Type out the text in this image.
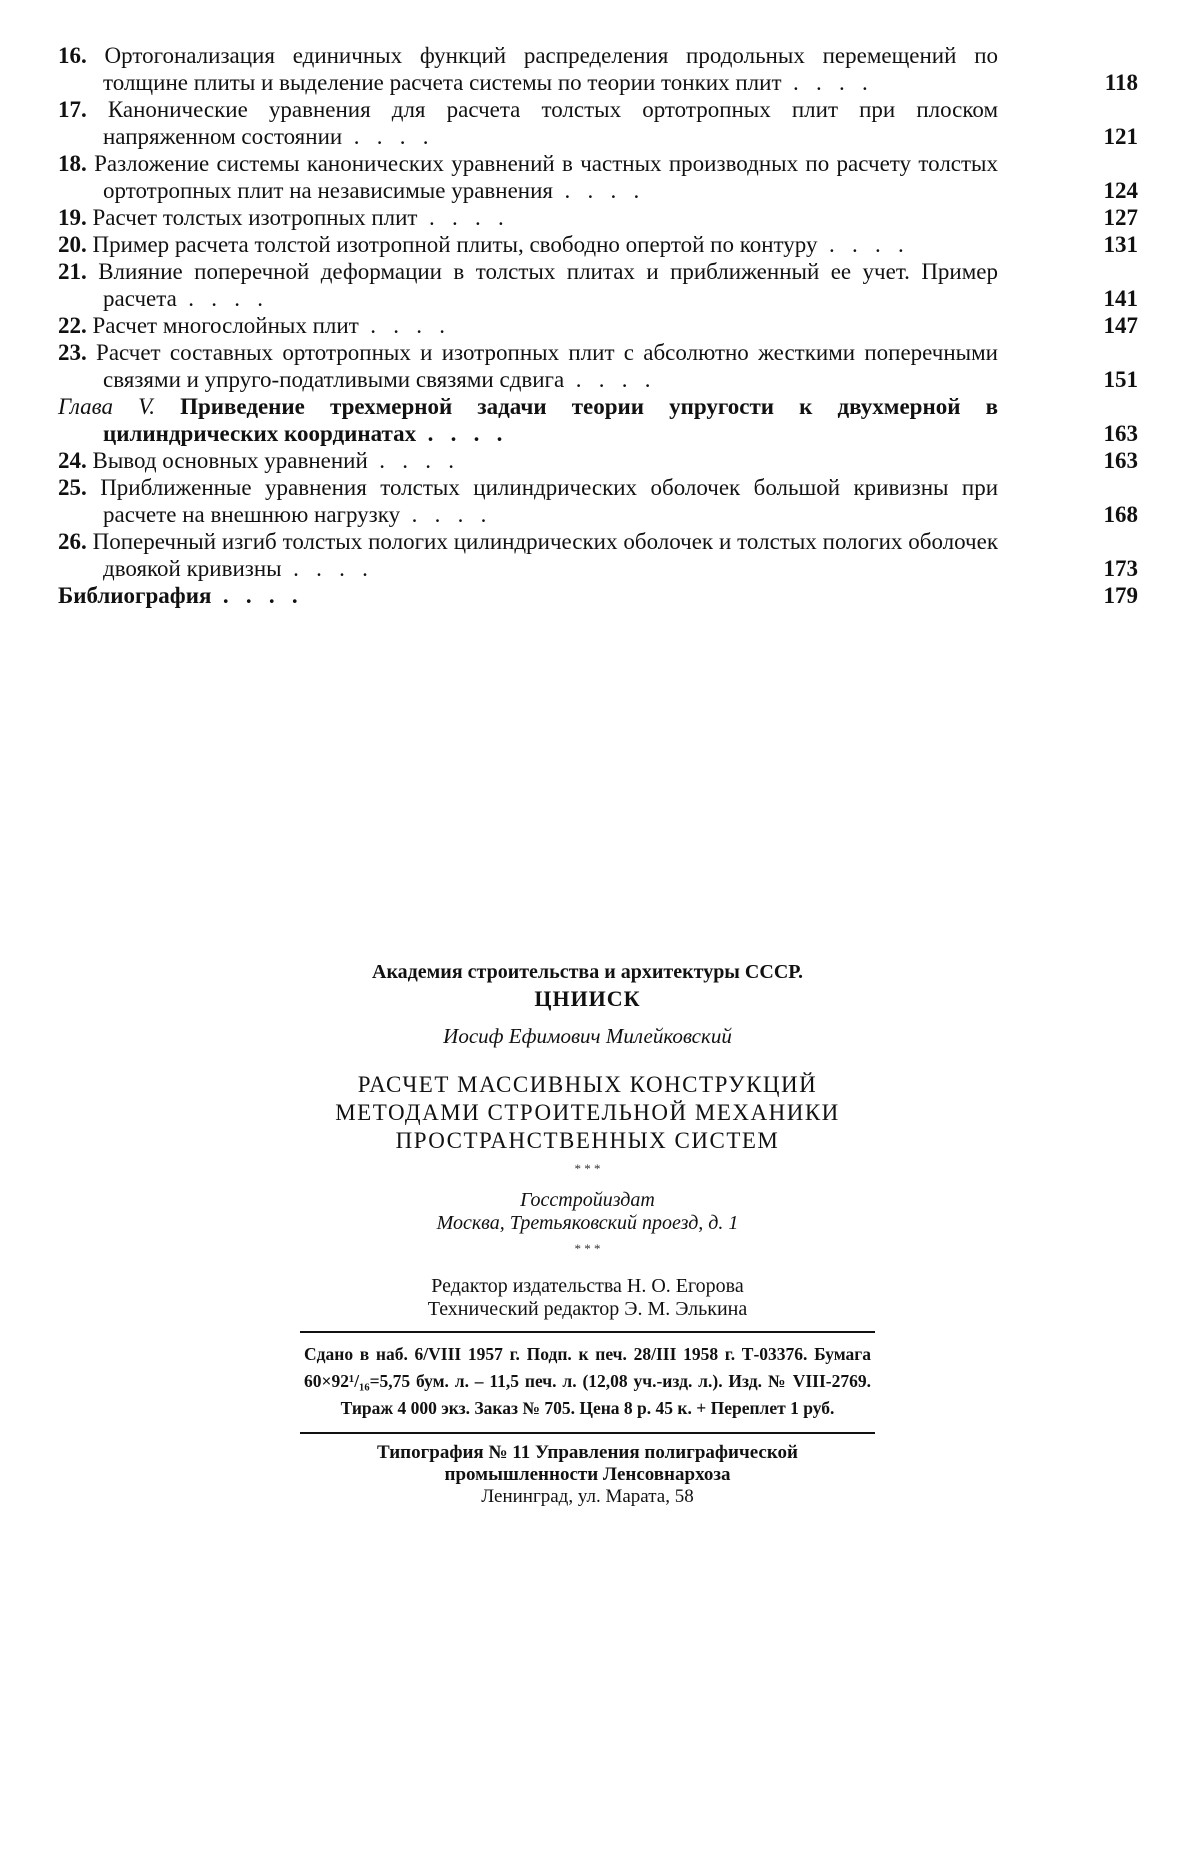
16. Ортогонализация единичных функций распределения продольных перемещений по толщине плиты и выделение расчета системы по теории тонких плит  .   .   .   .	118
17. Канонические уравнения для расчета толстых ортотропных плит при плоском напряженном состоянии  .   .   .   .	121
18. Разложение системы канонических уравнений в частных производных по расчету толстых ортотропных плит на независимые уравнения  .   .   .   .	124
19. Расчет толстых изотропных плит  .   .   .   .	127
20. Пример расчета толстой изотропной плиты, свободно опертой по контуру  .   .   .   .	131
21. Влияние поперечной деформации в толстых плитах и приближенный ее учет. Пример расчета  .   .   .   .	141
22. Расчет многослойных плит  .   .   .   .	147
23. Расчет составных ортотропных и изотропных плит с абсолютно жесткими поперечными связями и упруго-податливыми связями сдвига  .   .   .   .	151
Глава V. Приведение трехмерной задачи теории упругости к двухмерной в цилиндрических координатах  .   .   .   .	163
24. Вывод основных уравнений  .   .   .   .	163
25. Приближенные уравнения толстых цилиндрических оболочек большой кривизны при расчете на внешнюю нагрузку  .   .   .   .	168
26. Поперечный изгиб толстых пологих цилиндрических оболочек и толстых пологих оболочек двоякой кривизны  .   .   .   .	173
Библиография  .   .   .   .	179
Академия строительства и архитектуры СССР.
ЦНИИСК
Иосиф Ефимович Милейковский
РАСЧЕТ МАССИВНЫХ КОНСТРУКЦИЙ
МЕТОДАМИ СТРОИТЕЛЬНОЙ МЕХАНИКИ
ПРОСТРАНСТВЕННЫХ СИСТЕМ
* * *
Госстройиздат
Москва, Третьяковский проезд, д. 1
* * *
Редактор издательства Н. О. Егорова
Технический редактор Э. М. Элькина
Сдано в наб. 6/VIII 1957 г. Подп. к печ. 28/III 1958 г. Т-03376. Бумага 60×92¹/₁₆=5,75 бум. л. – 11,5 печ. л. (12,08 уч.-изд. л.). Изд. № VIII-2769. Тираж 4 000 экз. Заказ № 705. Цена 8 р. 45 к. + Переплет 1 руб.
Типография № 11 Управления полиграфической
промышленности Ленсовнархоза
Ленинград, ул. Марата, 58
